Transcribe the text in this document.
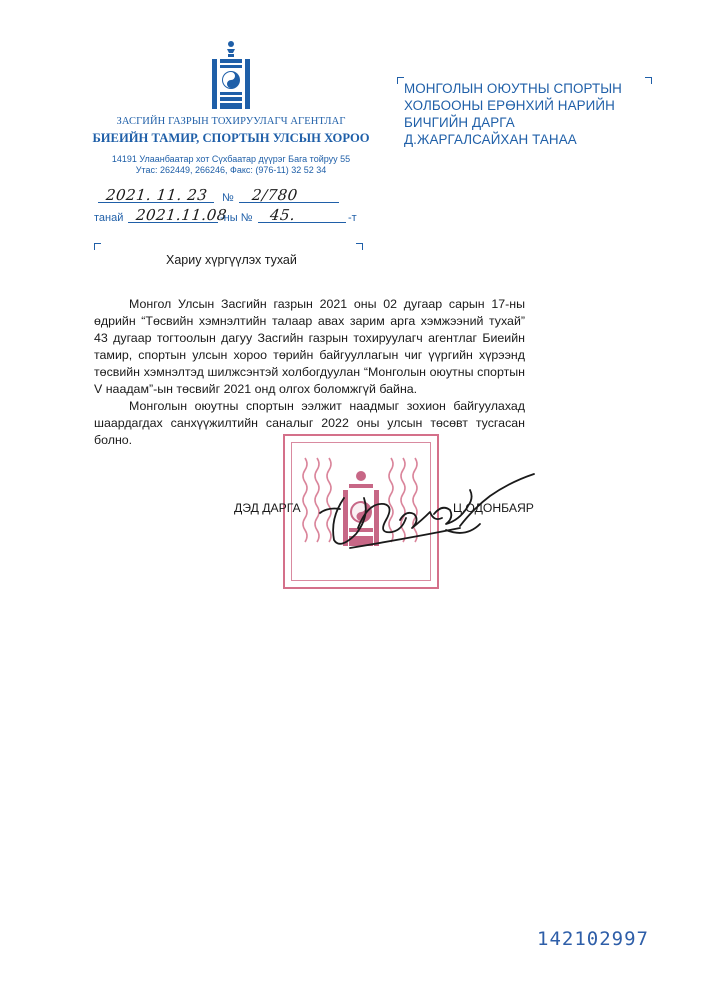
ЗАСГИЙН ГАЗРЫН ТОХИРУУЛАГЧ АГЕНТЛАГ
БИЕИЙН ТАМИР, СПОРТЫН УЛСЫН ХОРОО
14191 Улаанбаатар хот Сүхбаатар дүүрэг Бага тойруу 55
Утас: 262449, 266246, Факс: (976-11) 32 52 34
2021. 11. 23 № 2/780
танай 2021.11.08
-ны № 45.	-т
МОНГОЛЫН ОЮУТНЫ СПОРТЫН
ХОЛБООНЫ ЕРӨНХИЙ НАРИЙН
БИЧГИЙН ДАРГА
Д.ЖАРГАЛСАЙХАН ТАНАА
Хариу хүргүүлэх тухай

Монгол Улсын Засгийн газрын 2021 оны 02 дугаар сарын 17-ны өдрийн “Төсвийн хэмнэлтийн талаар авах зарим арга хэмжээний тухай” 43 дугаар тогтоолын дагуу Засгийн газрын тохируулагч агентлаг Биеийн тамир, спортын улсын хороо төрийн байгууллагын чиг үүргийн хүрээнд төсвийн хэмнэлтэд шилжсэнтэй холбогдуулан “Монголын оюутны спортын V наадам”-ын төсвийг 2021 онд олгох боломжгүй байна.

Монголын оюутны спортын ээлжит наадмыг зохион байгуулахад шаардагдах санхүүжилтийн саналыг 2022 оны улсын төсөвт тусгасан болно.

ДЭД ДАРГА	Ц.ОДОНБАЯР
142102997
